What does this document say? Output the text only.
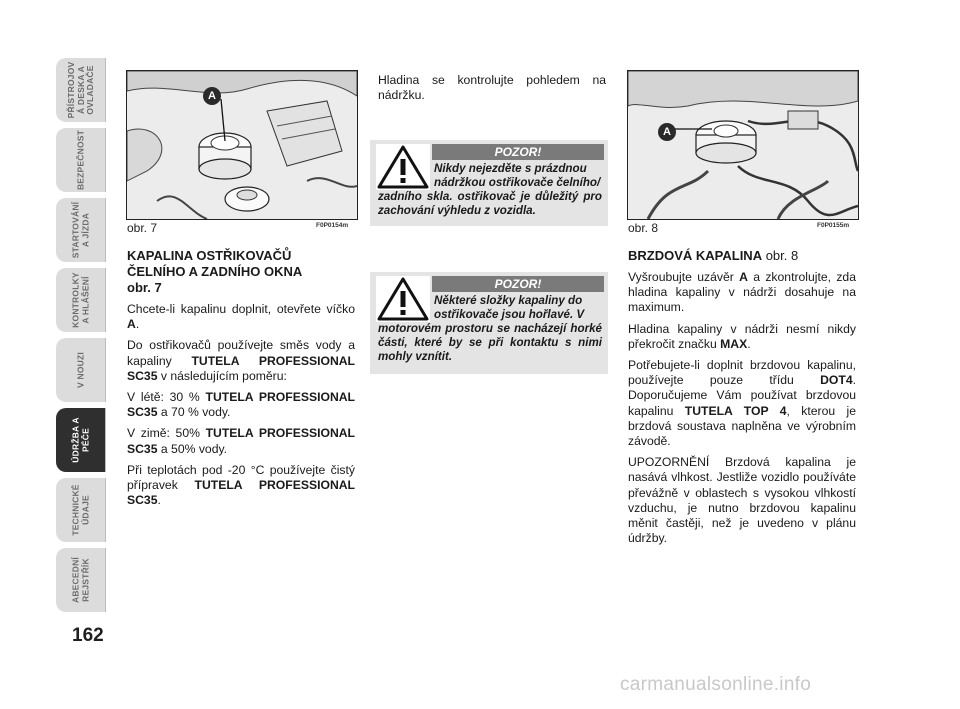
PŘÍSTROJOV Á DESKA A OVLADAČE
BEZPEČNOST
STARTOVÁNÍ A JÍZDA
KONTROLKY A HLÁŠENÍ
V NOUZI
ÚDRŽBA A PÉČE
TECHNICKÉ ÚDAJE
ABECEDNÍ REJSTŘÍK
162
A
obr. 7	F0P0154m
A
obr. 8	F0P0155m
KAPALINA OSTŘIKOVAČŮ
ČELNÍHO A ZADNÍHO OKNA
obr. 7

Chcete-li kapalinu doplnit, otevřete víčko A.

Do ostřikovačů používejte směs vody a kapaliny TUTELA PROFESSIONAL SC35 v následujícím poměru:

V létě: 30 % TUTELA PROFESSIONAL SC35 a 70 % vody.

V zimě: 50% TUTELA PROFESSIONAL SC35 a 50% vody.

Při teplotách pod -20 °C používejte čistý přípravek TUTELA PROFESSIONAL SC35.

Hladina se kontrolujte pohledem na nádržku.
POZOR!
Nikdy nejezděte s prázdnou
nádržkou ostřikovače čelního/
zadního skla. ostřikovač je důležitý pro zachování výhledu z vozidla.
POZOR!
Některé složky kapaliny do
ostřikovače jsou hořlavé. V
motorovém prostoru se nacházejí horké části, které by se při kontaktu s nimi mohly vznítit.

BRZDOVÁ KAPALINA obr. 8

Vyšroubujte uzávěr A a zkontrolujte, zda hladina kapaliny v nádrži dosahuje na maximum.

Hladina kapaliny v nádrži nesmí nikdy překročit značku MAX.

Potřebujete-li doplnit brzdovou kapalinu, používejte pouze třídu DOT4. Doporučujeme Vám používat brzdovou kapalinu TUTELA TOP 4, kterou je brzdová soustava naplněna ve výrobním závodě.

UPOZORNĚNÍ Brzdová kapalina je nasává vlhkost. Jestliže vozidlo používáte převážně v oblastech s vysokou vlhkostí vzduchu, je nutno brzdovou kapalinu měnit častěji, než je uvedeno v plánu údržby.

carmanualsonline.info
